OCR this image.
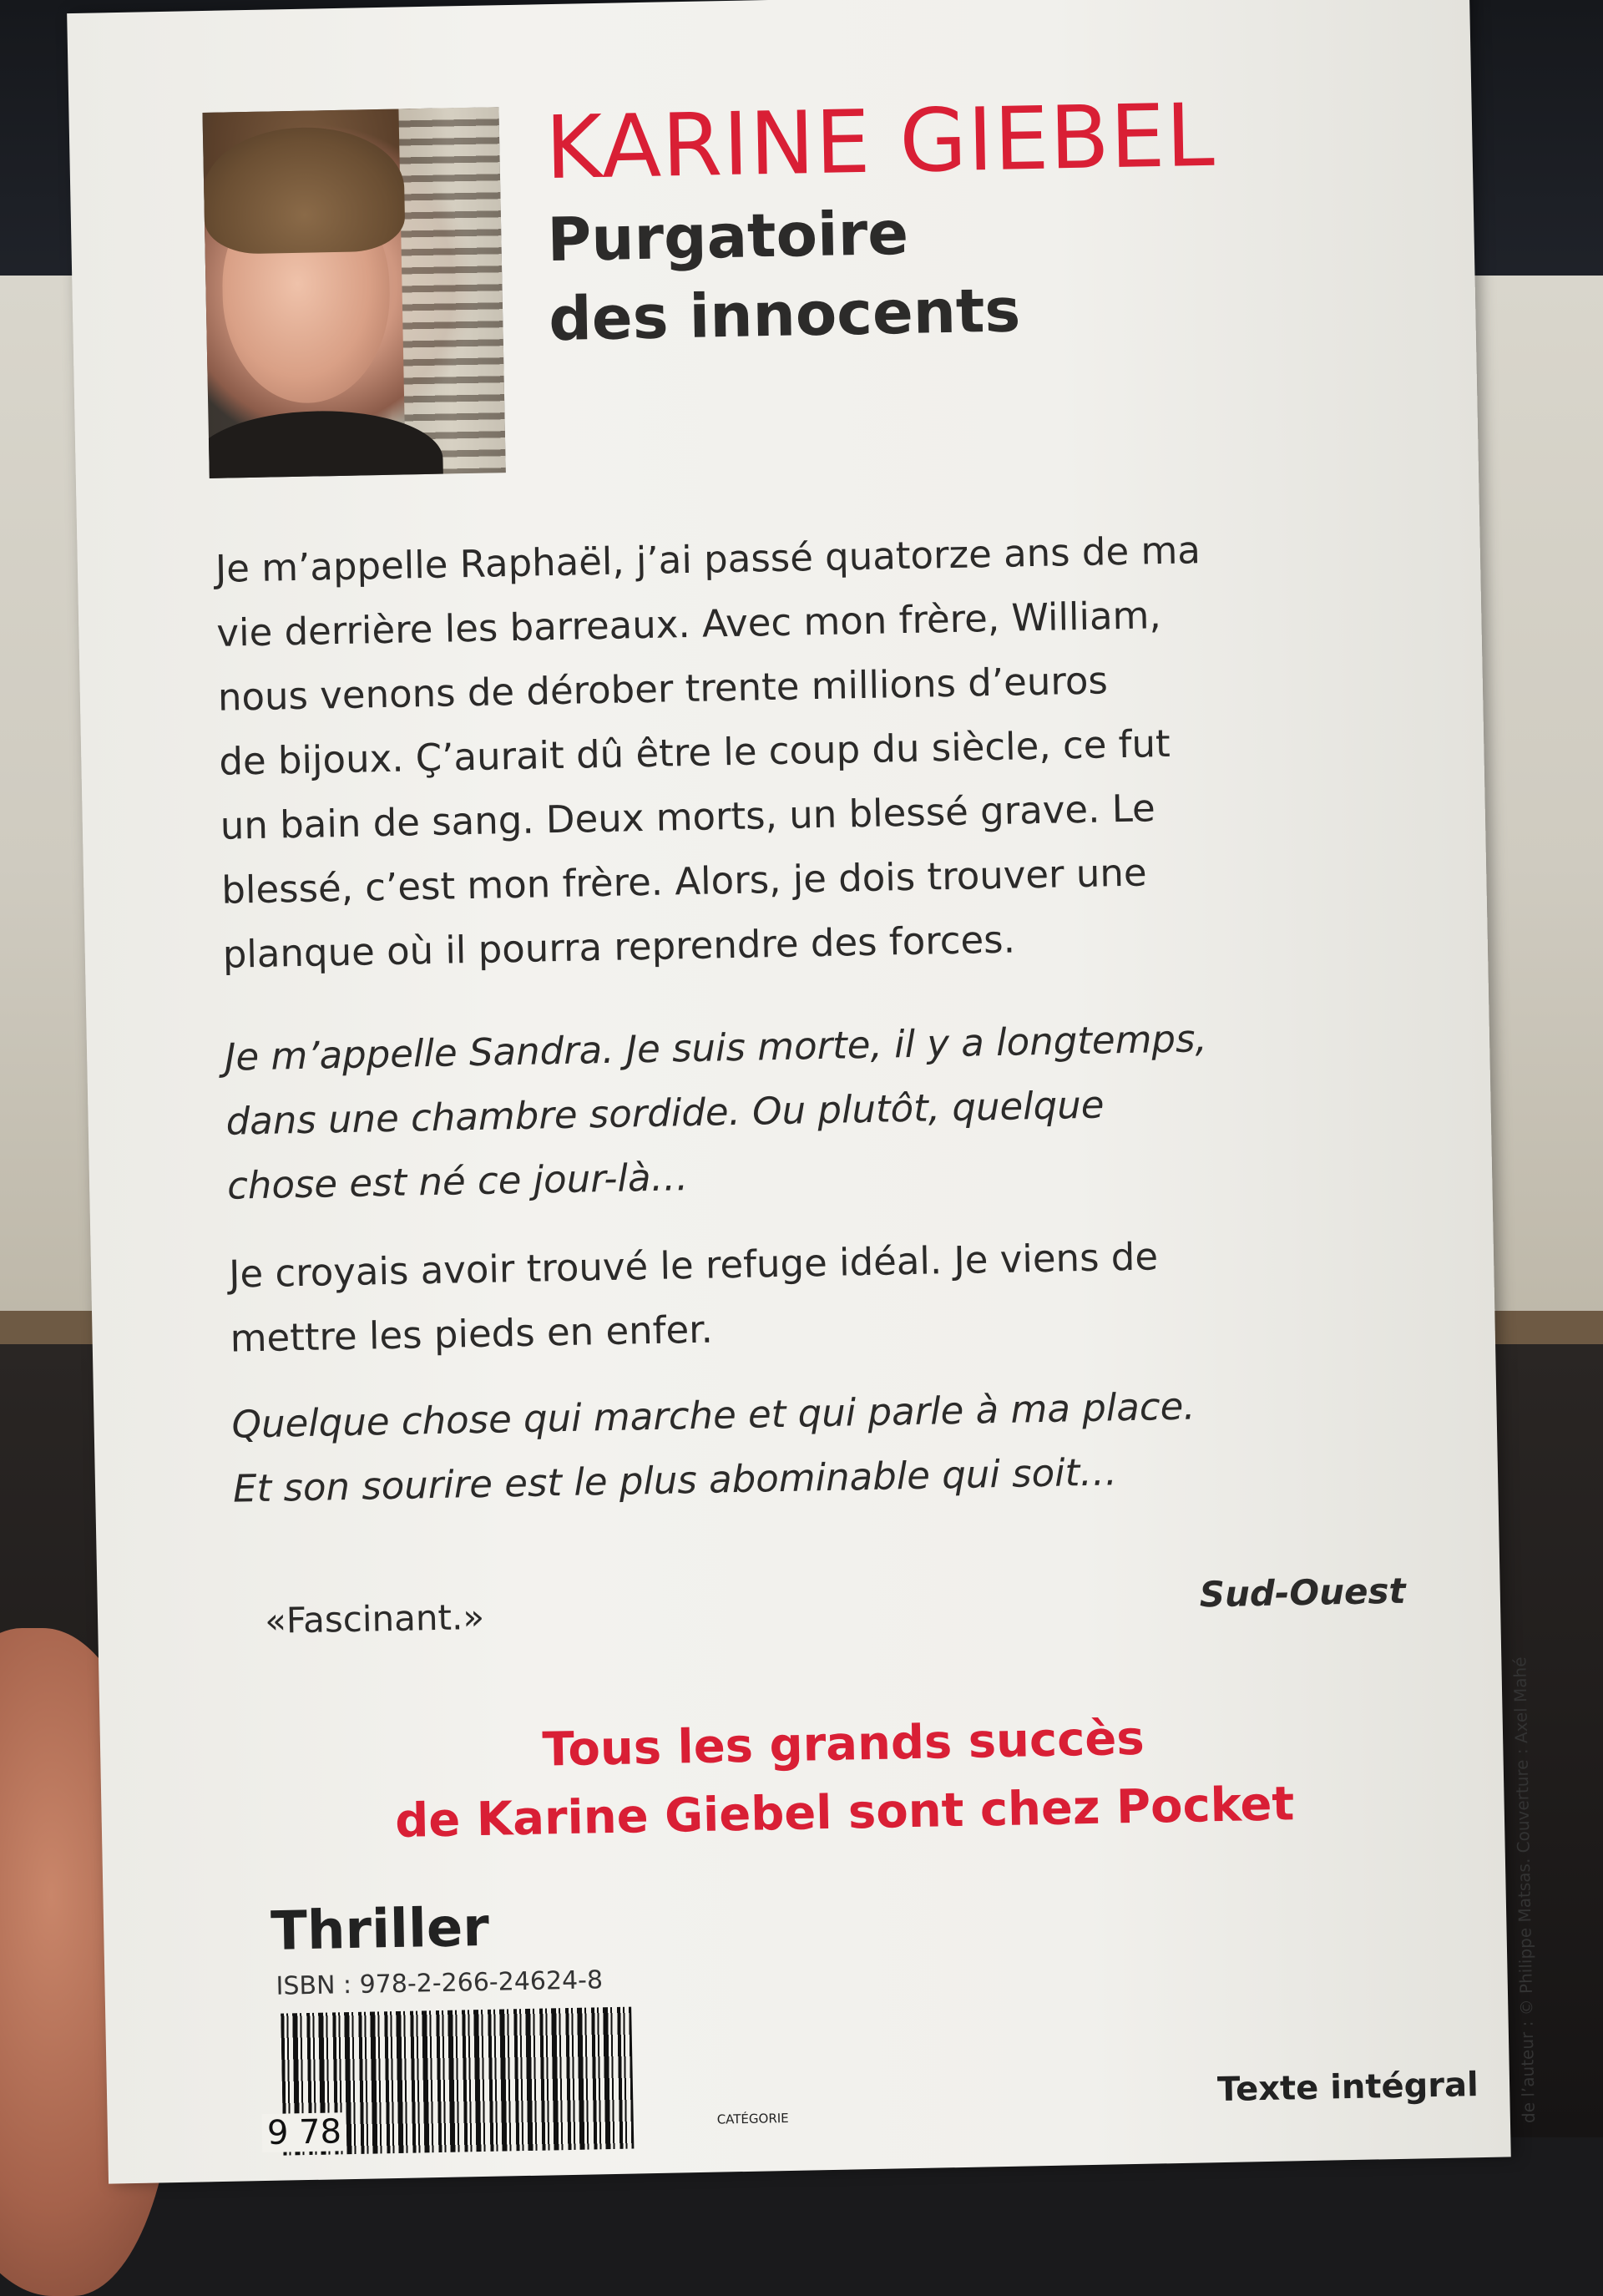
KARINE GIEBEL
Purgatoire
des innocents
Je m’appelle Raphaël, j’ai passé quatorze ans de ma
vie derrière les barreaux. Avec mon frère, William,
nous venons de dérober trente millions d’euros
de bijoux. Ç’aurait dû être le coup du siècle, ce fut
un bain de sang. Deux morts, un blessé grave. Le
blessé, c’est mon frère. Alors, je dois trouver une
planque où il pourra reprendre des forces.
Je m’appelle Sandra. Je suis morte, il y a longtemps,
dans une chambre sordide. Ou plutôt, quelque
chose est né ce jour-là…
Je croyais avoir trouvé le refuge idéal. Je viens de
mettre les pieds en enfer.
Quelque chose qui marche et qui parle à ma place.
Et son sourire est le plus abominable qui soit…
«Fascinant.»
Sud-Ouest
Tous les grands succès
de Karine Giebel sont chez Pocket
Thriller
ISBN : 978-2-266-24624-8
9 78	CATÉGORIE
Texte intégral de l’auteur : © Philippe Matsas. Couverture : Axel Mahé
